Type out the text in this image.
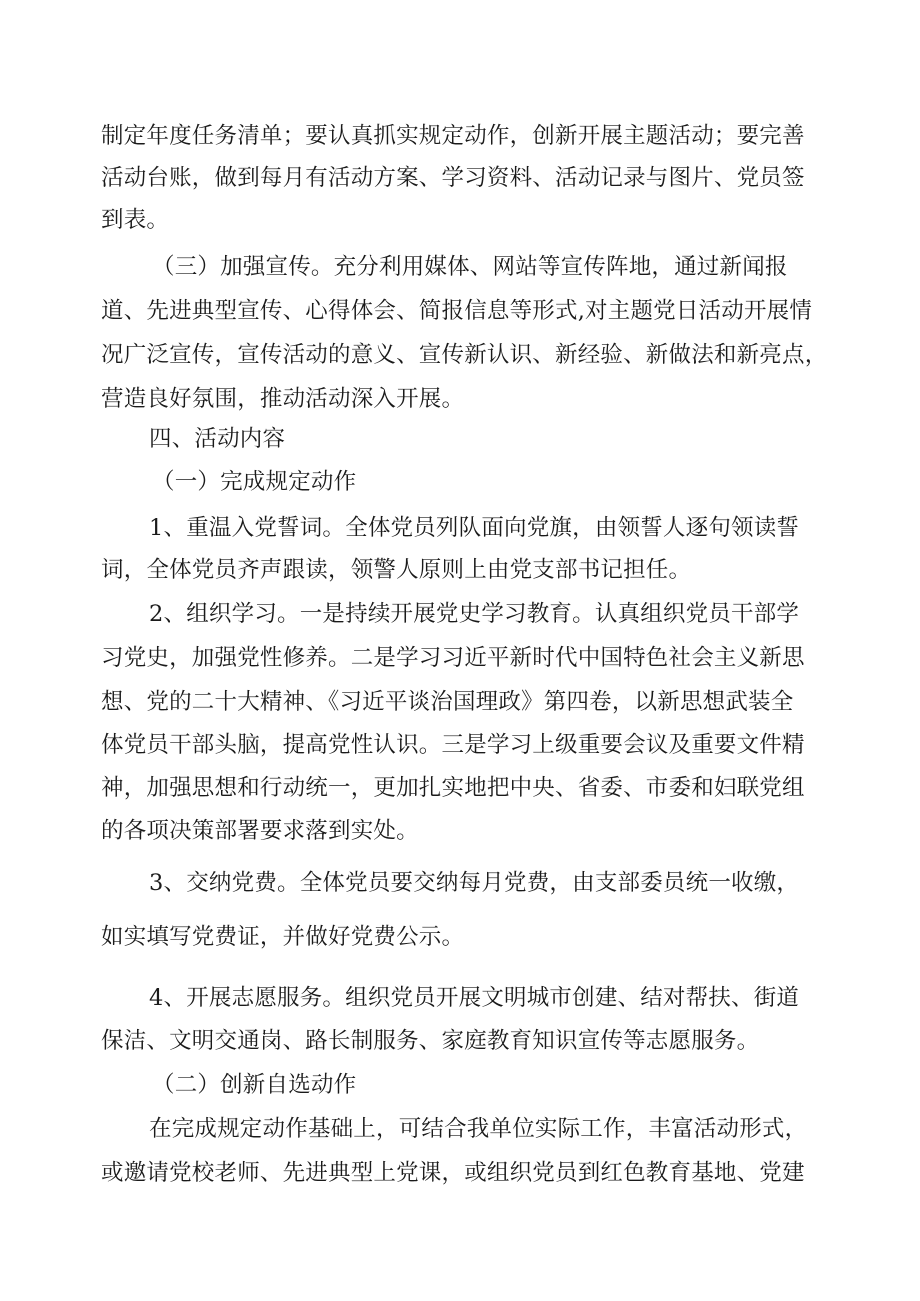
制定年度任务清单；要认真抓实规定动作，创新开展主题活动；要完善
活动台账，做到每月有活动方案、学习资料、活动记录与图片、党员签
到表。
（三）加强宣传。充分利用媒体、网站等宣传阵地，通过新闻报
道、先进典型宣传、心得体会、简报信息等形式,对主题党日活动开展情
况广泛宣传，宣传活动的意义、宣传新认识、新经验、新做法和新亮点，
营造良好氛围，推动活动深入开展。
四、活动内容
（一）完成规定动作
1、重温入党誓词。全体党员列队面向党旗，由领誓人逐句领读誓
词，全体党员齐声跟读，领警人原则上由党支部书记担任。
2、组织学习。一是持续开展党史学习教育。认真组织党员干部学
习党史，加强党性修养。二是学习习近平新时代中国特色社会主义新思
想、党的二十大精神、《习近平谈治国理政》第四卷，以新思想武装全
体党员干部头脑，提高党性认识。三是学习上级重要会议及重要文件精
神，加强思想和行动统一，更加扎实地把中央、省委、市委和妇联党组
的各项决策部署要求落到实处。
3、交纳党费。全体党员要交纳每月党费，由支部委员统一收缴，
如实填写党费证，并做好党费公示。
4、开展志愿服务。组织党员开展文明城市创建、结对帮扶、街道
保洁、文明交通岗、路长制服务、家庭教育知识宣传等志愿服务。
（二）创新自选动作
在完成规定动作基础上，可结合我单位实际工作，丰富活动形式，
或邀请党校老师、先进典型上党课，或组织党员到红色教育基地、党建
